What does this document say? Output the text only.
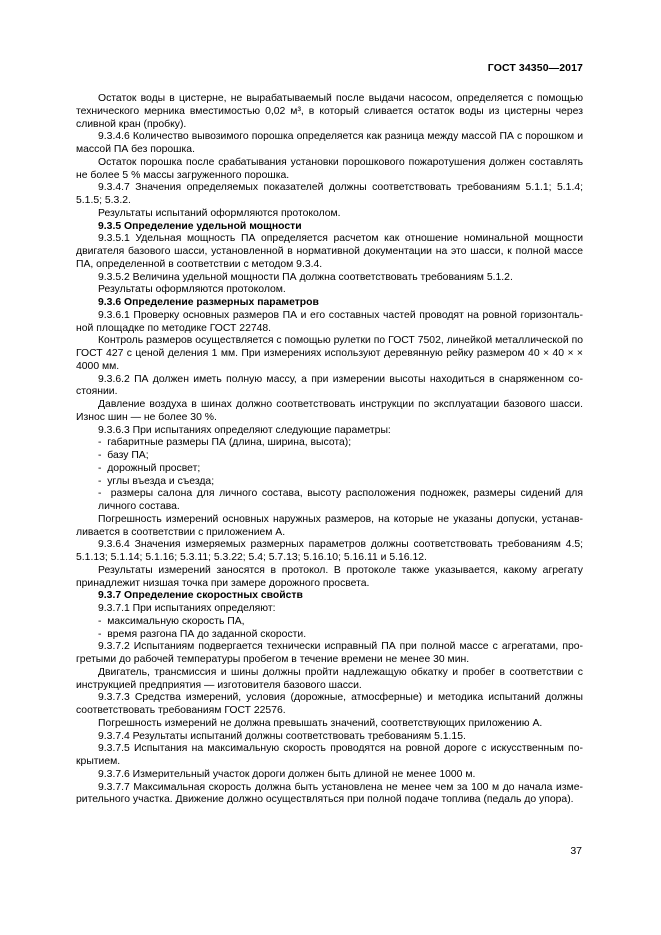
ГОСТ 34350—2017

Остаток воды в цистерне, не вырабатываемый после выдачи насосом, определяется с помощью технического мерника вместимостью 0,02 м³, в который сливается остаток воды из цистерны через сливной кран (пробку).

9.3.4.6 Количество вывозимого порошка определяется как разница между массой ПА с порошком и массой ПА без порошка.

Остаток порошка после срабатывания установки порошкового пожаротушения должен составлять не более 5 % массы загруженного порошка.

9.3.4.7 Значения определяемых показателей должны соответствовать требованиям 5.1.1; 5.1.4; 5.1.5; 5.3.2.

Результаты испытаний оформляются протоколом.

9.3.5 Определение удельной мощности

9.3.5.1 Удельная мощность ПА определяется расчетом как отношение номинальной мощности двигателя базового шасси, установленной в нормативной документации на это шасси, к полной массе ПА, определенной в соответствии с методом 9.3.4.

9.3.5.2 Величина удельной мощности ПА должна соответствовать требованиям 5.1.2.

Результаты оформляются протоколом.

9.3.6 Определение размерных параметров

9.3.6.1 Проверку основных размеров ПА и его составных частей проводят на ровной горизонтальной площадке по методике ГОСТ 22748.

Контроль размеров осуществляется с помощью рулетки по ГОСТ 7502, линейкой металлической по ГОСТ 427 с ценой деления 1 мм. При измерениях используют деревянную рейку размером 40 × 40 × × 4000 мм.

9.3.6.2 ПА должен иметь полную массу, а при измерении высоты находиться в снаряженном состоянии.

Давление воздуха в шинах должно соответствовать инструкции по эксплуатации базового шасси. Износ шин — не более 30 %.

9.3.6.3 При испытаниях определяют следующие параметры:

-  габаритные размеры ПА (длина, ширина, высота);

-  базу ПА;

-  дорожный просвет;

-  углы въезда и съезда;

-  размеры салона для личного состава, высоту расположения подножек, размеры сидений для личного состава.

Погрешность измерений основных наружных размеров, на которые не указаны допуски, устанавливается в соответствии с приложением А.

9.3.6.4 Значения измеряемых размерных параметров должны соответствовать требованиям 4.5; 5.1.13; 5.1.14; 5.1.16; 5.3.11; 5.3.22; 5.4; 5.7.13; 5.16.10; 5.16.11 и 5.16.12.

Результаты измерений заносятся в протокол. В протоколе также указывается, какому агрегату принадлежит низшая точка при замере дорожного просвета.

9.3.7 Определение скоростных свойств

9.3.7.1 При испытаниях определяют:

-  максимальную скорость ПА,

-  время разгона ПА до заданной скорости.

9.3.7.2 Испытаниям подвергается технически исправный ПА при полной массе с агрегатами, прогретыми до рабочей температуры пробегом в течение времени не менее 30 мин.

Двигатель, трансмиссия и шины должны пройти надлежащую обкатку и пробег в соответствии с инструкцией предприятия — изготовителя базового шасси.

9.3.7.3 Средства измерений, условия (дорожные, атмосферные) и методика испытаний должны соответствовать требованиям ГОСТ 22576.

Погрешность измерений не должна превышать значений, соответствующих приложению А.

9.3.7.4 Результаты испытаний должны соответствовать требованиям 5.1.15.

9.3.7.5 Испытания на максимальную скорость проводятся на ровной дороге с искусственным покрытием.

9.3.7.6 Измерительный участок дороги должен быть длиной не менее 1000 м.

9.3.7.7 Максимальная скорость должна быть установлена не менее чем за 100 м до начала измерительного участка. Движение должно осуществляться при полной подаче топлива (педаль до упора).

37
